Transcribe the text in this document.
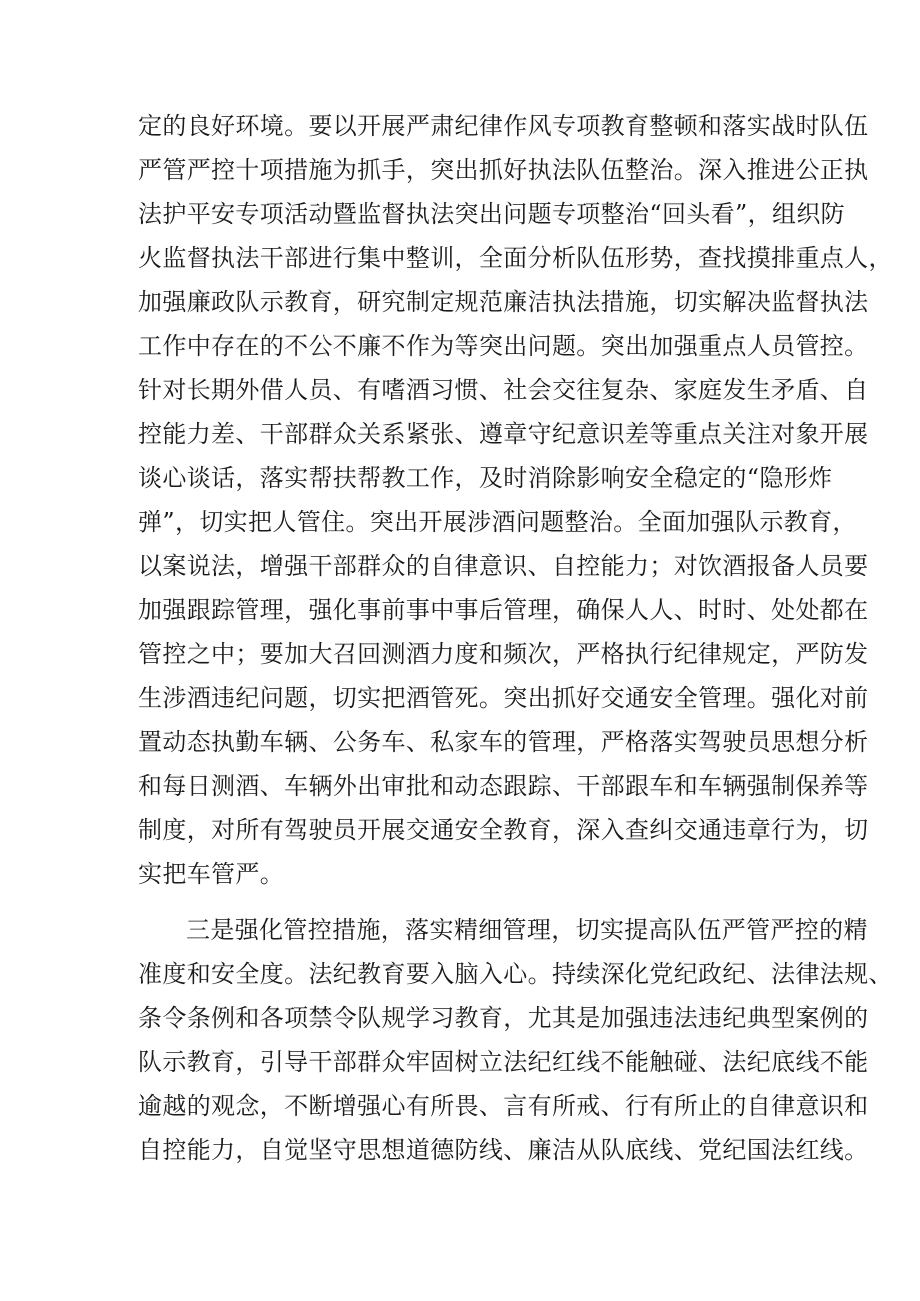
定的良好环境。要以开展严肃纪律作风专项教育整顿和落实战时队伍

严管严控十项措施为抓手，突出抓好执法队伍整治。深入推进公正执

法护平安专项活动暨监督执法突出问题专项整治“回头看”，组织防

火监督执法干部进行集中整训，全面分析队伍形势，查找摸排重点人，

加强廉政队示教育，研究制定规范廉洁执法措施，切实解决监督执法

工作中存在的不公不廉不作为等突出问题。突出加强重点人员管控。

针对长期外借人员、有嗜酒习惯、社会交往复杂、家庭发生矛盾、自

控能力差、干部群众关系紧张、遵章守纪意识差等重点关注对象开展

谈心谈话，落实帮扶帮教工作，及时消除影响安全稳定的“隐形炸

弹”，切实把人管住。突出开展涉酒问题整治。全面加强队示教育，

以案说法，增强干部群众的自律意识、自控能力；对饮酒报备人员要

加强跟踪管理，强化事前事中事后管理，确保人人、时时、处处都在

管控之中；要加大召回测酒力度和频次，严格执行纪律规定，严防发

生涉酒违纪问题，切实把酒管死。突出抓好交通安全管理。强化对前

置动态执勤车辆、公务车、私家车的管理，严格落实驾驶员思想分析

和每日测酒、车辆外出审批和动态跟踪、干部跟车和车辆强制保养等

制度，对所有驾驶员开展交通安全教育，深入查纠交通违章行为，切

实把车管严。

三是强化管控措施，落实精细管理，切实提高队伍严管严控的精

准度和安全度。法纪教育要入脑入心。持续深化党纪政纪、法律法规、

条令条例和各项禁令队规学习教育，尤其是加强违法违纪典型案例的

队示教育，引导干部群众牢固树立法纪红线不能触碰、法纪底线不能

逾越的观念，不断增强心有所畏、言有所戒、行有所止的自律意识和

自控能力，自觉坚守思想道德防线、廉洁从队底线、党纪国法红线。
